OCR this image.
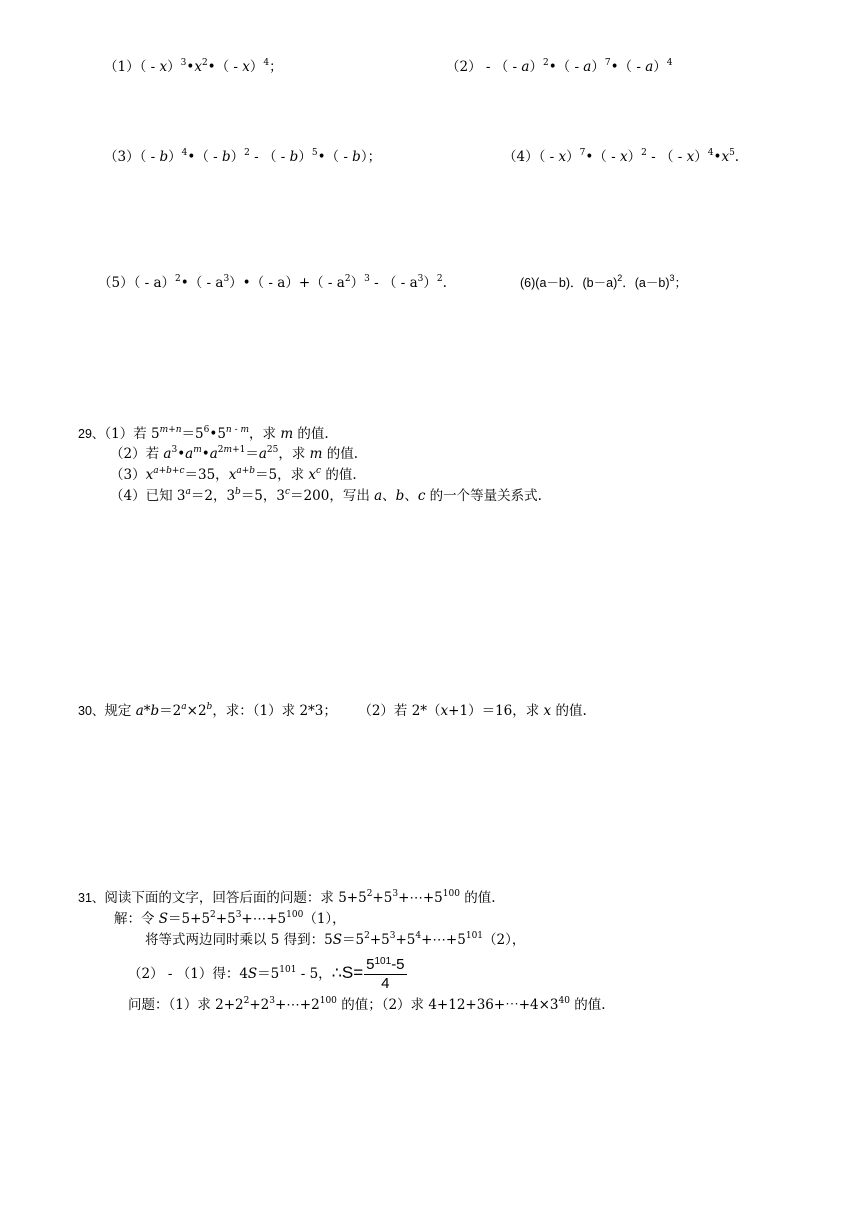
$(1)( - x)^3•x^2•( - x)^4$；	（2） - （ - a）$^2$•（ - a）$^7$•（ - a）$^4$
（3）（ - b）$^4$•（ - b）$^2$ - （ - b）$^5$•（ - b）；	（4）（ - x）$^7$•（ - x）$^2$ - （ - $x)^4•x^5$.
（5）（ - a）$^2$•（ - $a^3)•( - a)+( - a^2)^3$ - （ - $a^3)^2$.	(6)(a－b)．$(b-a)^2$．$(a-b)^3$；
29、（1）若 $5^{m+n}=5^6•5^{n - m}$，求 m 的值.
（2）若 $a^3•a^m•a^{2m+1}=a^{25}$，求 m 的值.
$(3)x^{a+b+c}=35$，$x^{a+b}=5$，求 $x^c$ 的值.
（4）已知 $3^a=2$，$3^b=5$，$3^c=200$，写出 a、b、c 的一个等量关系式.
30、规定 $a*b=2^a\times 2^b$，求：（1）求 2*3；     （2）若 2*（x+1）＝16，求 x 的值.
31、阅读下面的文字，回答后面的问题：求 $5+5^2+5^3+\cdots+5^{100}$ 的值.
解：令 $S=5+5^2+5^3+\cdots+5^{100}(1)$，
将等式两边同时乘以 5 得到：$5S=5^2+5^3+5^4+\cdots+5^{101}(2)$，
（2） - （1）得：$4S=5^{101} - 5$，∴S= $\frac{5^{101}-5}{4}$
问题：（1）求 $2+2^2+2^3+\cdots+2^{100}$ 的值；（2）求 $4+12+36+\cdots+4\times 3^{40}$ 的值.
